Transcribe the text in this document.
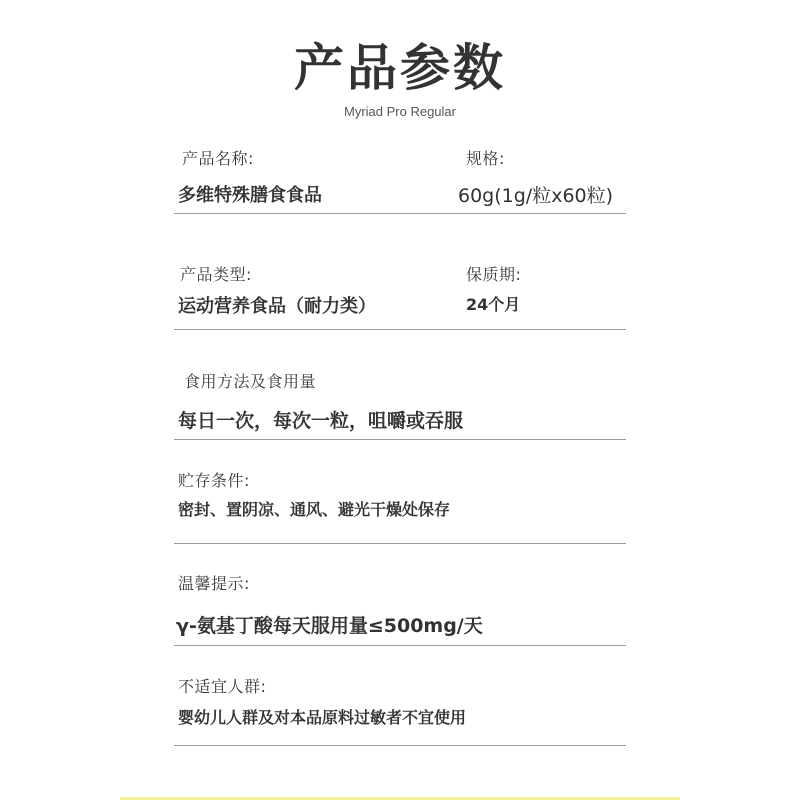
产品参数
Myriad Pro Regular
产品名称:	规格:
多维特殊膳食食品	60g(1g/粒x60粒)
产品类型:	保质期:
运动营养食品（耐力类）	24个月
食用方法及食用量
每日一次，每次一粒，咀嚼或吞服
贮存条件:
密封、置阴凉、通风、避光干燥处保存
温馨提示:
γ-氨基丁酸每天服用量≤500mg/天
不适宜人群:
婴幼儿人群及对本品原料过敏者不宜使用
